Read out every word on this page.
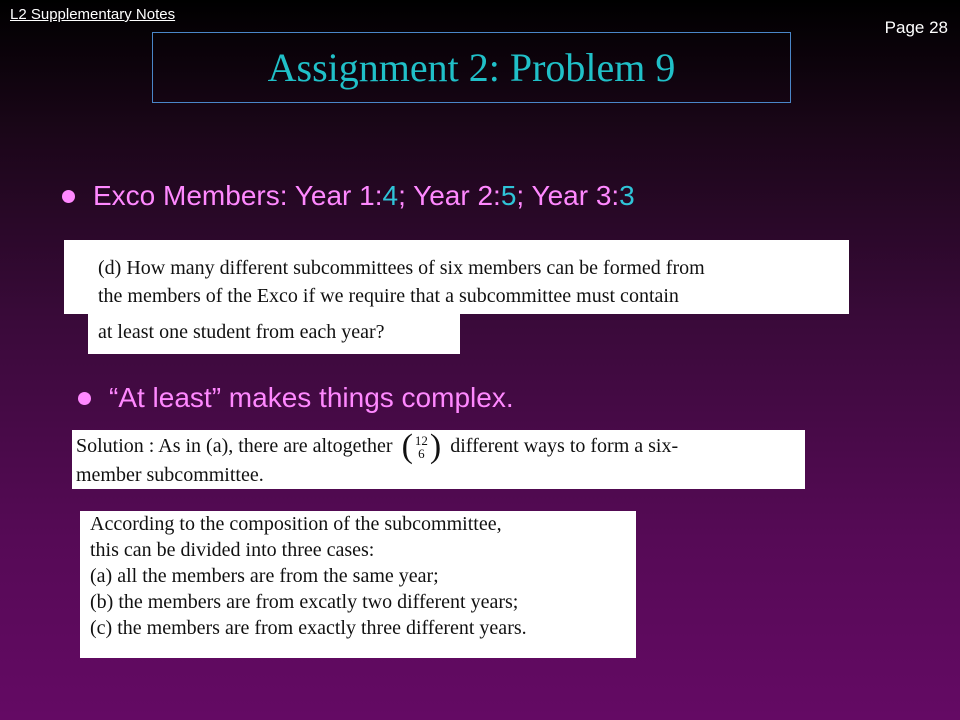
L2 Supplementary Notes
Page 28
Assignment 2: Problem 9
Exco Members: Year 1: 4 ; Year 2: 5 ; Year 3: 3
(d) How many different subcommittees of six members can be formed from
the members of the Exco if we require that a subcommittee must contain
at least one student from each year?
“At least” makes things complex.
Solution : As in (a), there are altogether ( 12
6 ) different ways to form a six-
member subcommittee.
According to the composition of the subcommittee,
this can be divided into three cases:
(a) all the members are from the same year;
(b) the members are from excatly two different years;
(c) the members are from exactly three different years.
